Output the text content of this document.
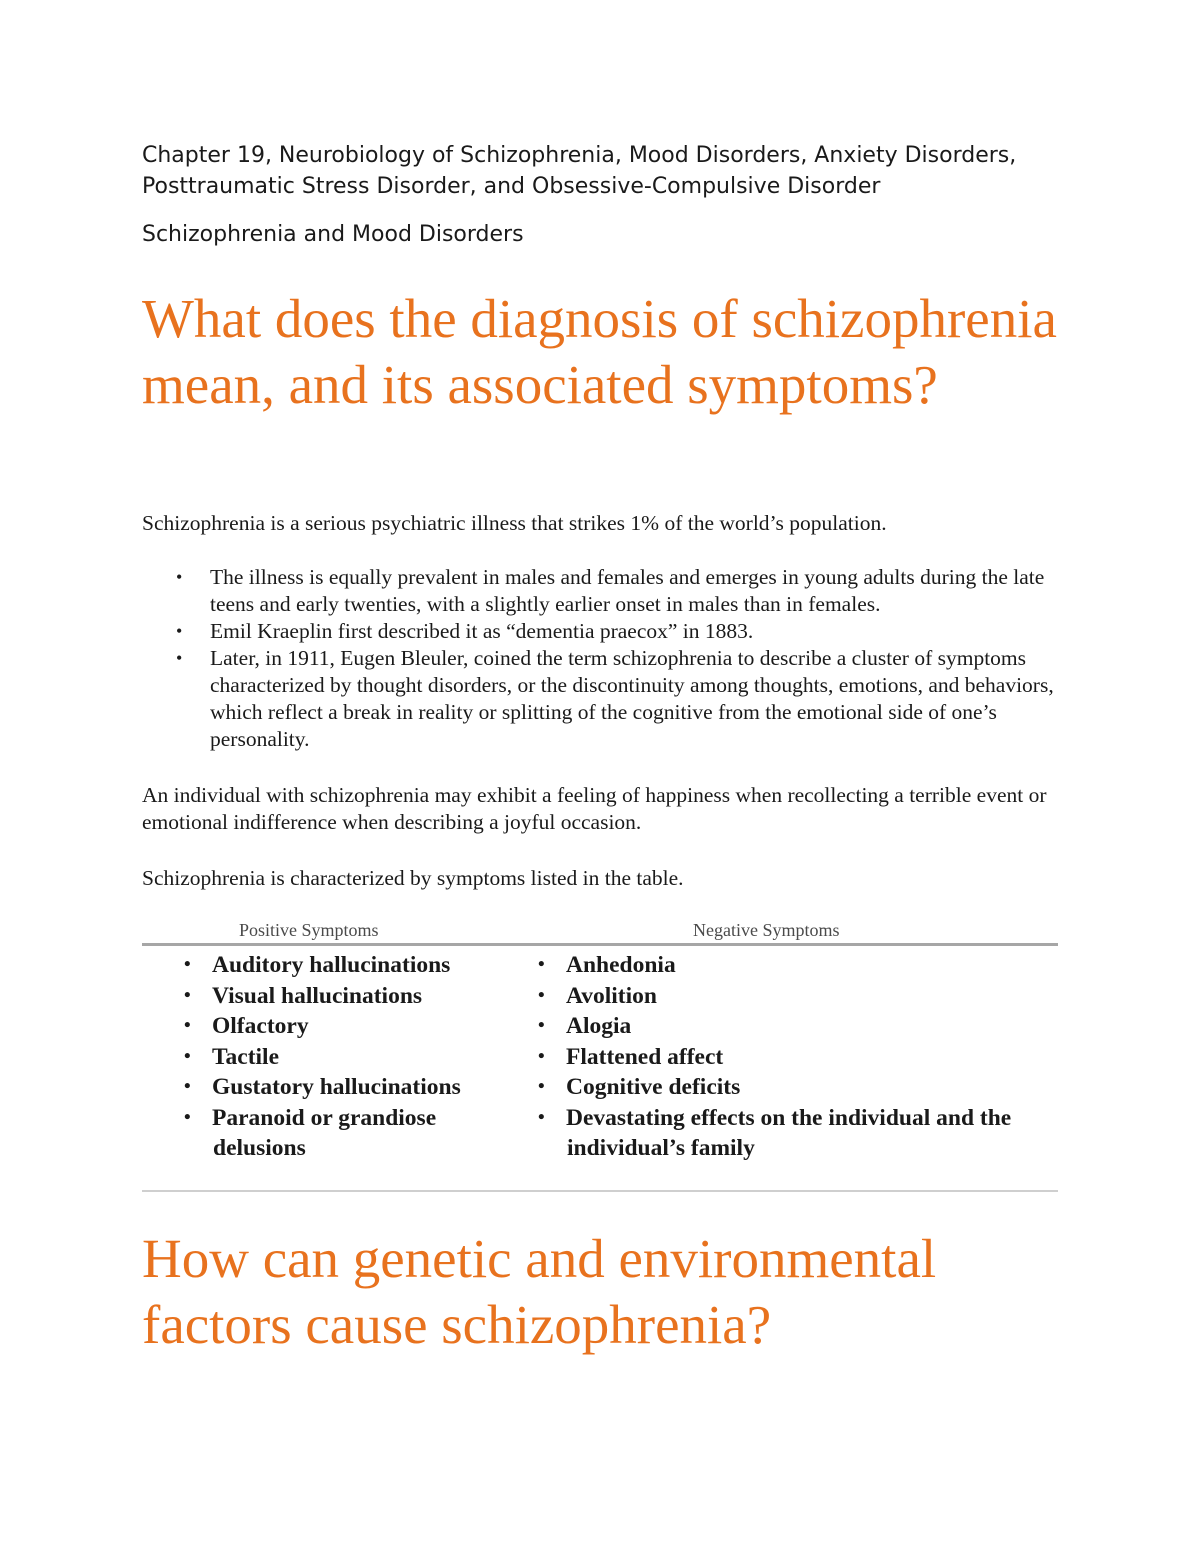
Chapter 19, Neurobiology of Schizophrenia, Mood Disorders, Anxiety Disorders, Posttraumatic Stress Disorder, and Obsessive-Compulsive Disorder

Schizophrenia and Mood Disorders

What does the diagnosis of schizophrenia mean, and its associated symptoms?

Schizophrenia is a serious psychiatric illness that strikes 1% of the world’s population.

• The illness is equally prevalent in males and females and emerges in young adults during the late teens and early twenties, with a slightly earlier onset in males than in females.
• Emil Kraeplin first described it as “dementia praecox” in 1883.
• Later, in 1911, Eugen Bleuler, coined the term schizophrenia to describe a cluster of symptoms characterized by thought disorders, or the discontinuity among thoughts, emotions, and behaviors, which reflect a break in reality or splitting of the cognitive from the emotional side of one’s personality.

An individual with schizophrenia may exhibit a feeling of happiness when recollecting a terrible event or emotional indifference when describing a joyful occasion.

Schizophrenia is characterized by symptoms listed in the table.

Positive Symptoms	Negative Symptoms
• Auditory hallucinations
• Visual hallucinations
• Olfactory
• Tactile
• Gustatory hallucinations
• Paranoid or grandiose delusions
• Anhedonia
• Avolition
• Alogia
• Flattened affect
• Cognitive deficits
• Devastating effects on the individual and the individual’s family
How can genetic and environmental factors cause schizophrenia?
